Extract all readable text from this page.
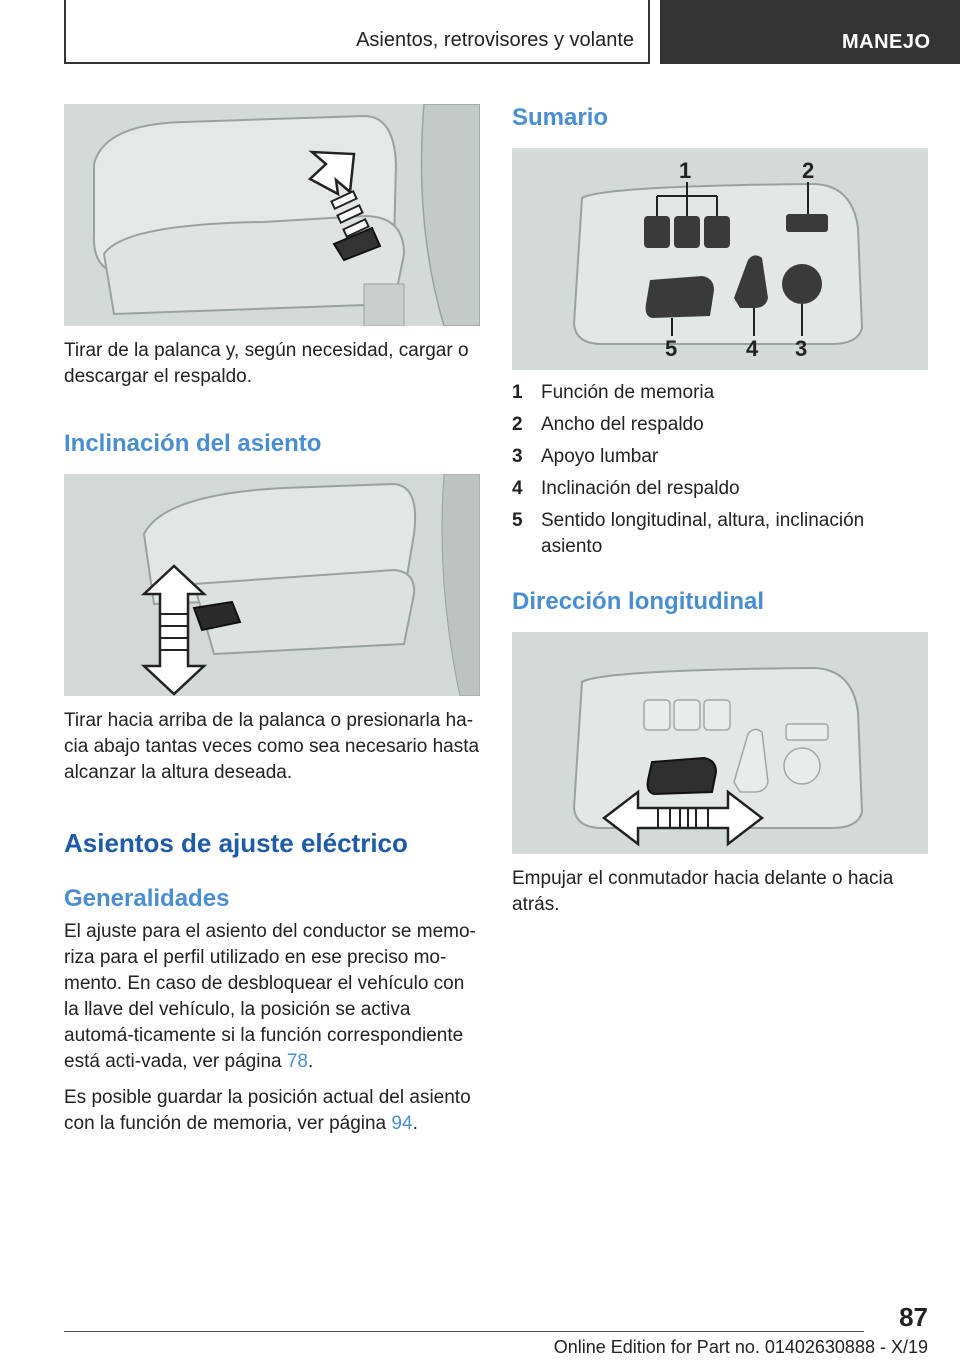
Asientos, retrovisores y volante	MANEJO

Tirar de la palanca y, según necesidad, cargar o descargar el respaldo.

Inclinación del asiento

Tirar hacia arriba de la palanca o presionarla ha-cia abajo tantas veces como sea necesario hasta alcanzar la altura deseada.

Asientos de ajuste eléctrico
Generalidades

El ajuste para el asiento del conductor se memo-riza para el perfil utilizado en ese preciso mo-mento. En caso de desbloquear el vehículo con la llave del vehículo, la posición se activa automá-ticamente si la función correspondiente está acti-vada, ver página 78.

Es posible guardar la posición actual del asiento con la función de memoria, ver página 94.

Sumario
1	2
3
4
5
1 Función de memoria
2 Ancho del respaldo
3 Apoyo lumbar
4 Inclinación del respaldo
5 Sentido longitudinal, altura, inclinación asiento
Dirección longitudinal

Empujar el conmutador hacia delante o hacia atrás.

87
Online Edition for Part no. 01402630888 - X/19
